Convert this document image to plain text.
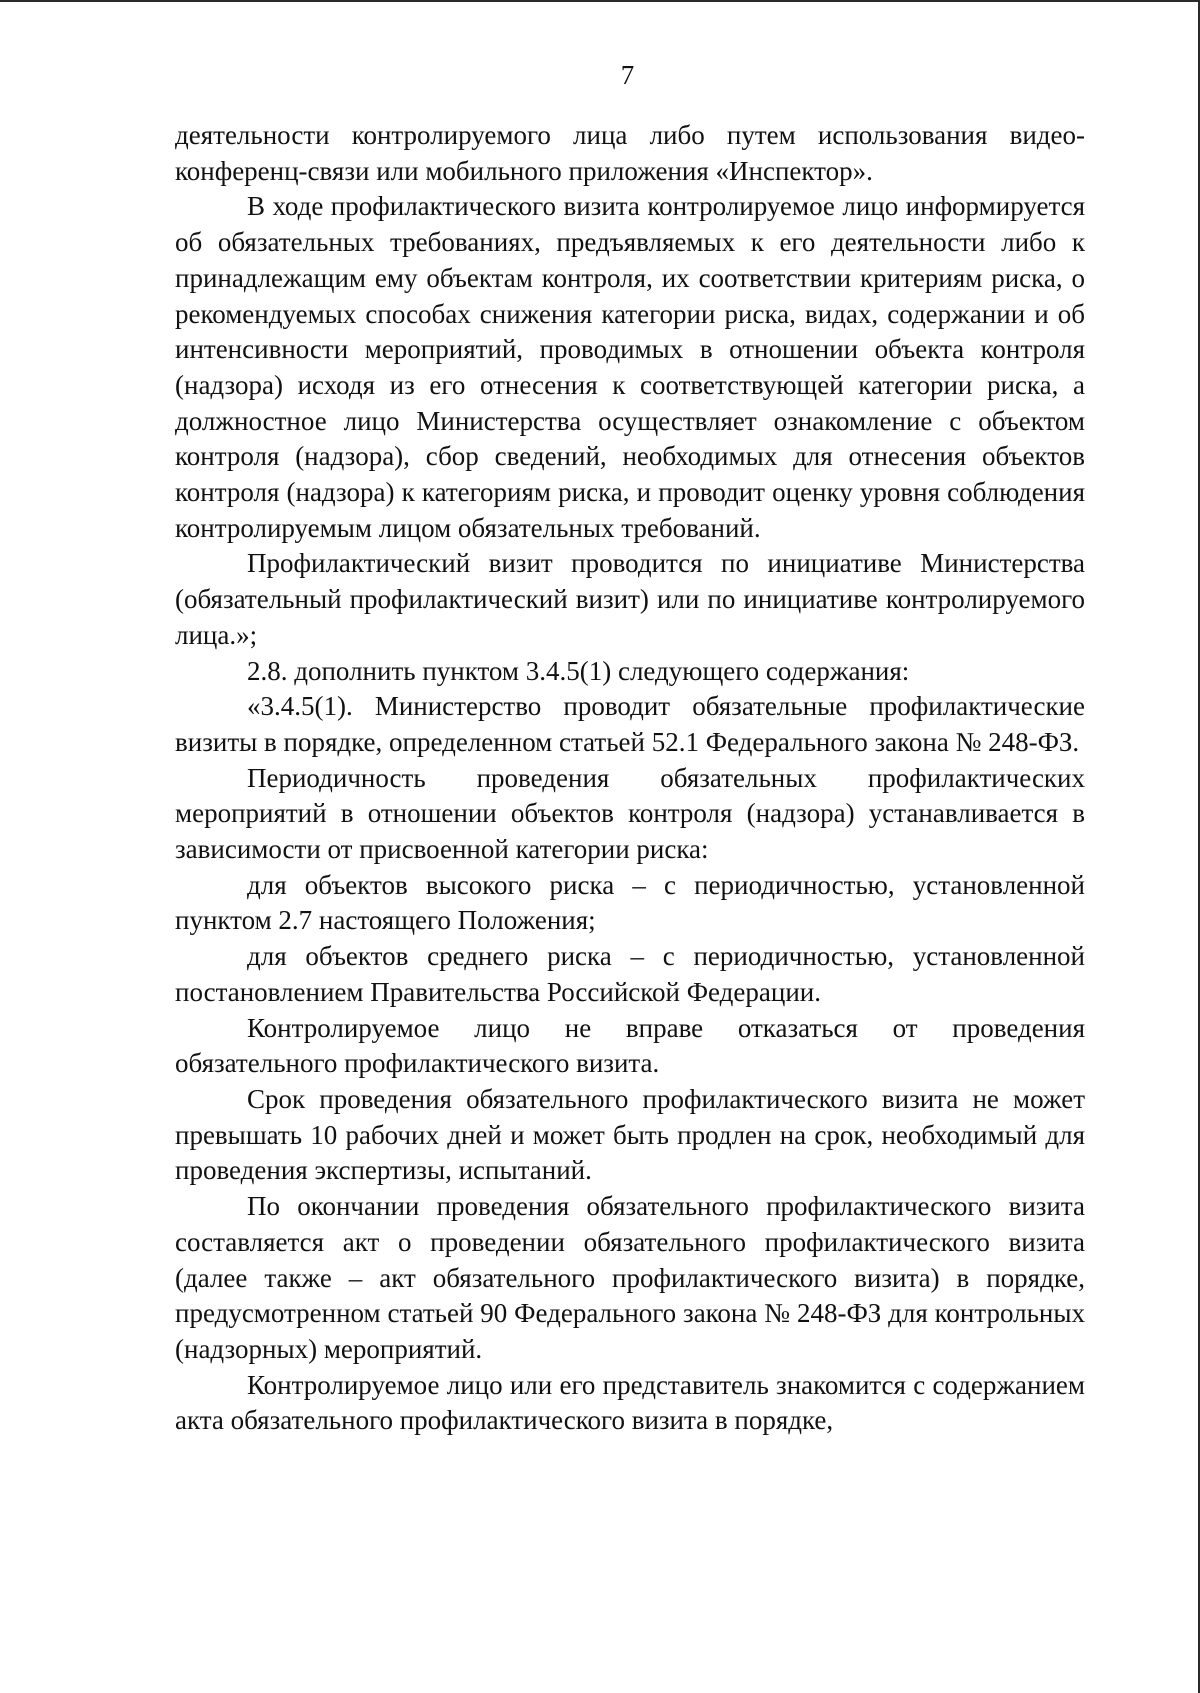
7

деятельности контролируемого лица либо путем использования видео-конференц-связи или мобильного приложения «Инспектор».

В ходе профилактического визита контролируемое лицо информируется об обязательных требованиях, предъявляемых к его деятельности либо к принадлежащим ему объектам контроля, их соответствии критериям риска, о рекомендуемых способах снижения категории риска, видах, содержании и об интенсивности мероприятий, проводимых в отношении объекта контроля (надзора) исходя из его отнесения к соответствующей категории риска, а должностное лицо Министерства осуществляет ознакомление с объектом контроля (надзора), сбор сведений, необходимых для отнесения объектов контроля (надзора) к категориям риска, и проводит оценку уровня соблюдения контролируемым лицом обязательных требований.

Профилактический визит проводится по инициативе Министерства (обязательный профилактический визит) или по инициативе контролируемого лица.»;

2.8. дополнить пунктом 3.4.5(1) следующего содержания:

«3.4.5(1). Министерство проводит обязательные профилактические визиты в порядке, определенном статьей 52.1 Федерального закона № 248-ФЗ.

Периодичность проведения обязательных профилактических мероприятий в отношении объектов контроля (надзора) устанавливается в зависимости от присвоенной категории риска:

для объектов высокого риска – с периодичностью, установленной пунктом 2.7 настоящего Положения;

для объектов среднего риска – с периодичностью, установленной постановлением Правительства Российской Федерации.

Контролируемое лицо не вправе отказаться от проведения обязательного профилактического визита.

Срок проведения обязательного профилактического визита не может превышать 10 рабочих дней и может быть продлен на срок, необходимый для проведения экспертизы, испытаний.

По окончании проведения обязательного профилактического визита составляется акт о проведении обязательного профилактического визита (далее также – акт обязательного профилактического визита) в порядке, предусмотренном статьей 90 Федерального закона № 248-ФЗ для контрольных (надзорных) мероприятий.

Контролируемое лицо или его представитель знакомится с содержанием акта обязательного профилактического визита в порядке,
